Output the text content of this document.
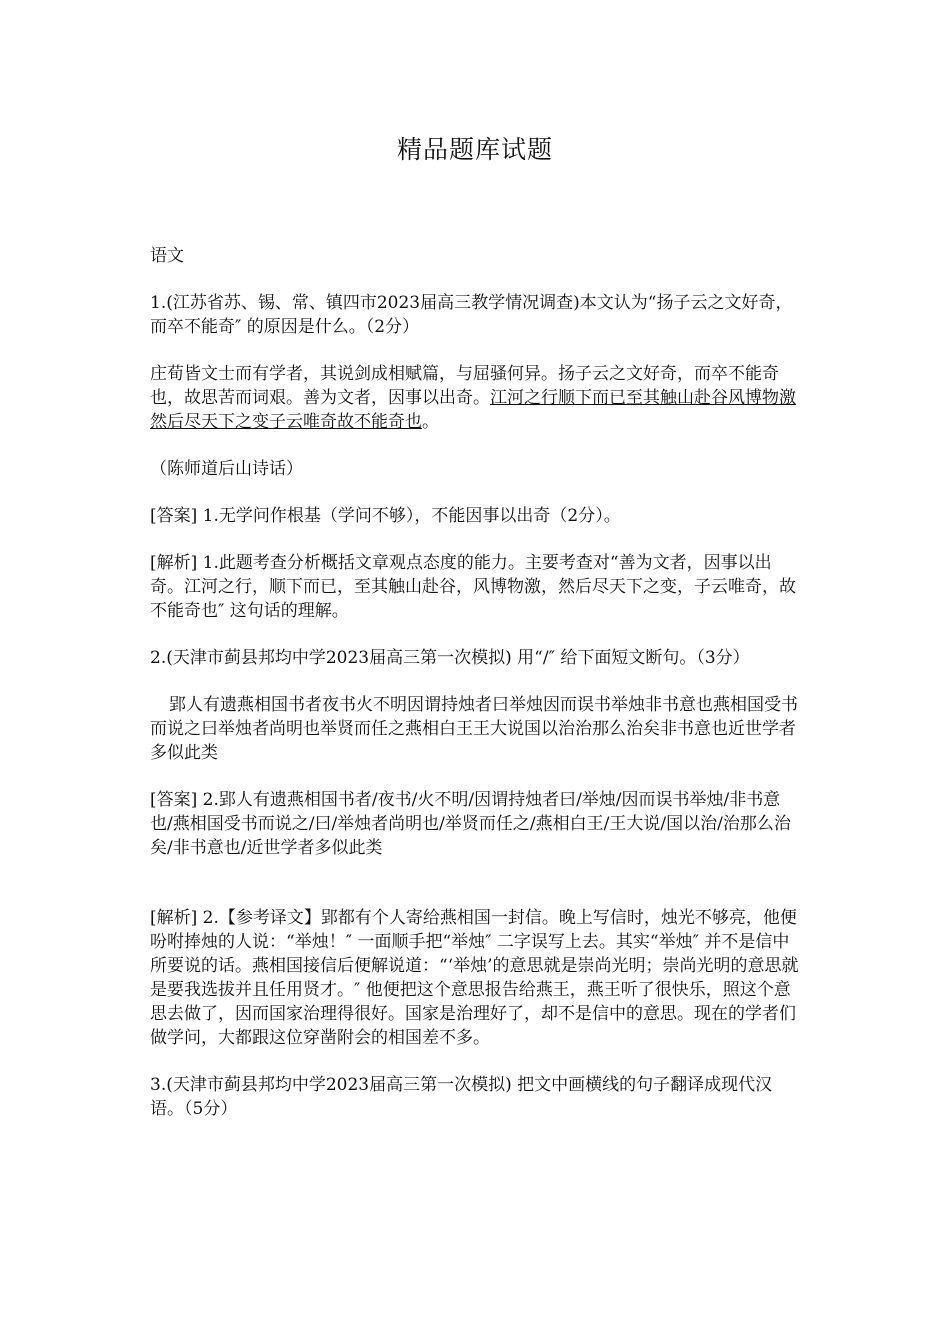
精品题库试题

语文

1.(江苏省苏、锡、常、镇四市2023届高三教学情况调查)本文认为“扬子云之文好奇，而卒不能奇″ 的原因是什么。（2分）

庄荀皆文士而有学者，其说剑成相赋篇，与屈骚何异。扬子云之文好奇，而卒不能奇也，故思苦而词艰。善为文者，因事以出奇。江河之行顺下而已至其触山赴谷风博物激然后尽天下之变子云唯奇故不能奇也。

（陈师道后山诗话）

[答案] 1.无学问作根基（学问不够），不能因事以出奇（2分）。

[解析] 1.此题考查分析概括文章观点态度的能力。主要考查对“善为文者，因事以出奇。江河之行，顺下而已，至其触山赴谷，风博物激，然后尽天下之变，子云唯奇，故不能奇也″ 这句话的理解。

2.(天津市蓟县邦均中学2023届高三第一次模拟) 用“/″ 给下面短文断句。（3分）

郢人有遗燕相国书者夜书火不明因谓持烛者曰举烛因而误书举烛非书意也燕相国受书而说之曰举烛者尚明也举贤而任之燕相白王王大说国以治治那么治矣非书意也近世学者多似此类

[答案] 2.郢人有遗燕相国书者/夜书/火不明/因谓持烛者曰/举烛/因而误书举烛/非书意也/燕相国受书而说之/曰/举烛者尚明也/举贤而任之/燕相白王/王大说/国以治/治那么治矣/非书意也/近世学者多似此类

[解析] 2.【参考译文】郢都有个人寄给燕相国一封信。晚上写信时，烛光不够亮，他便吩咐捧烛的人说：“举烛！″ 一面顺手把“举烛″ 二字误写上去。其实“举烛″ 并不是信中所要说的话。燕相国接信后便解说道：“‘举烛’的意思就是崇尚光明；崇尚光明的意思就是要我选拔并且任用贤才。″ 他便把这个意思报告给燕王，燕王听了很快乐，照这个意思去做了，因而国家治理得很好。国家是治理好了，却不是信中的意思。现在的学者们做学问，大都跟这位穿凿附会的相国差不多。

3.(天津市蓟县邦均中学2023届高三第一次模拟) 把文中画横线的句子翻译成现代汉语。（5分）
